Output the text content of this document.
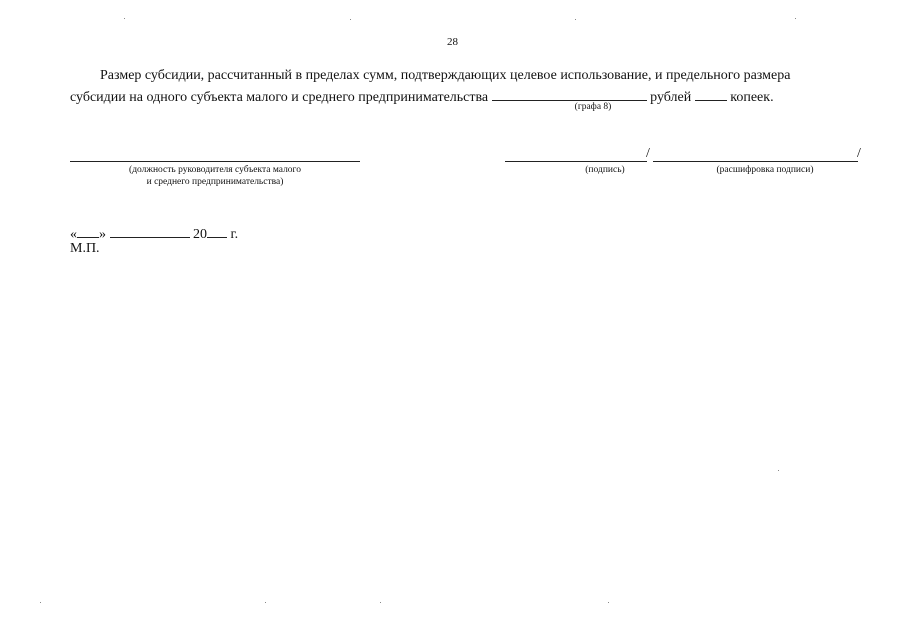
28
Размер субсидии, рассчитанный в пределах сумм, подтверждающих целевое использование, и предельного размера
субсидии на одного субъекта малого и среднего предпринимательства	рублей	копеек.
(графа 8)
(должность руководителя субъекта малого
и среднего предпринимательства)
/	/
(подпись)	(расшифровка подписи)
« »	20 г.
М.П.
